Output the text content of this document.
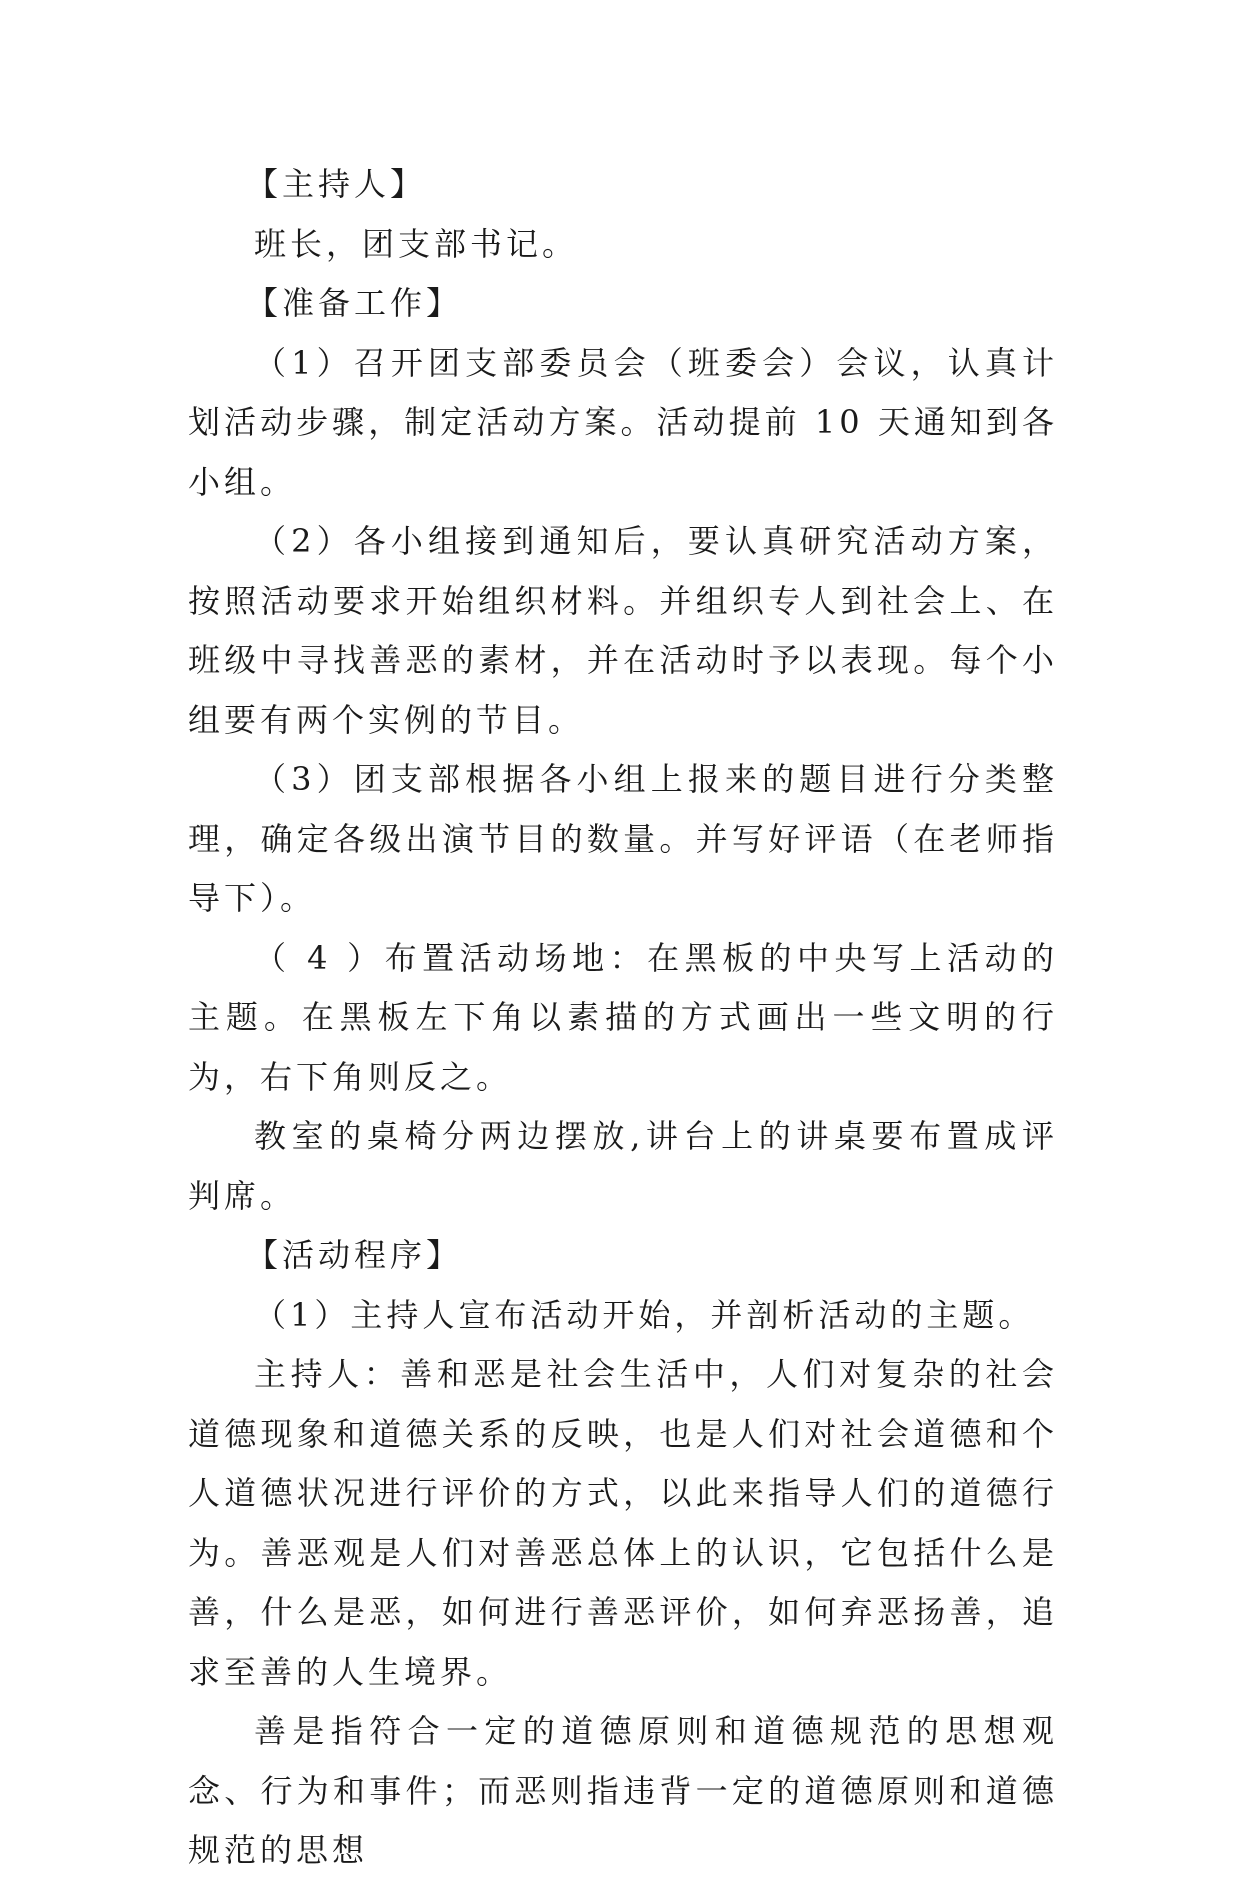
【主持人】

班长，团支部书记。

【准备工作】

（1）召开团支部委员会（班委会）会议，认真计划活动步骤，制定活动方案。活动提前 10 天通知到各小组。

（2）各小组接到通知后，要认真研究活动方案，按照活动要求开始组织材料。并组织专人到社会上、在班级中寻找善恶的素材，并在活动时予以表现。每个小组要有两个实例的节目。

（3）团支部根据各小组上报来的题目进行分类整理，确定各级出演节目的数量。并写好评语（在老师指导下）。

（ 4 ）布置活动场地：在黑板的中央写上活动的主题。在黑板左下角以素描的方式画出一些文明的行为，右下角则反之。

教室的桌椅分两边摆放,讲台上的讲桌要布置成评判席。

【活动程序】

（1）主持人宣布活动开始，并剖析活动的主题。

主持人：善和恶是社会生活中，人们对复杂的社会道德现象和道德关系的反映，也是人们对社会道德和个人道德状况进行评价的方式，以此来指导人们的道德行为。善恶观是人们对善恶总体上的认识，它包括什么是善，什么是恶，如何进行善恶评价，如何弃恶扬善，追求至善的人生境界。

善是指符合一定的道德原则和道德规范的思想观念、行为和事件；而恶则指违背一定的道德原则和道德规范的思想
